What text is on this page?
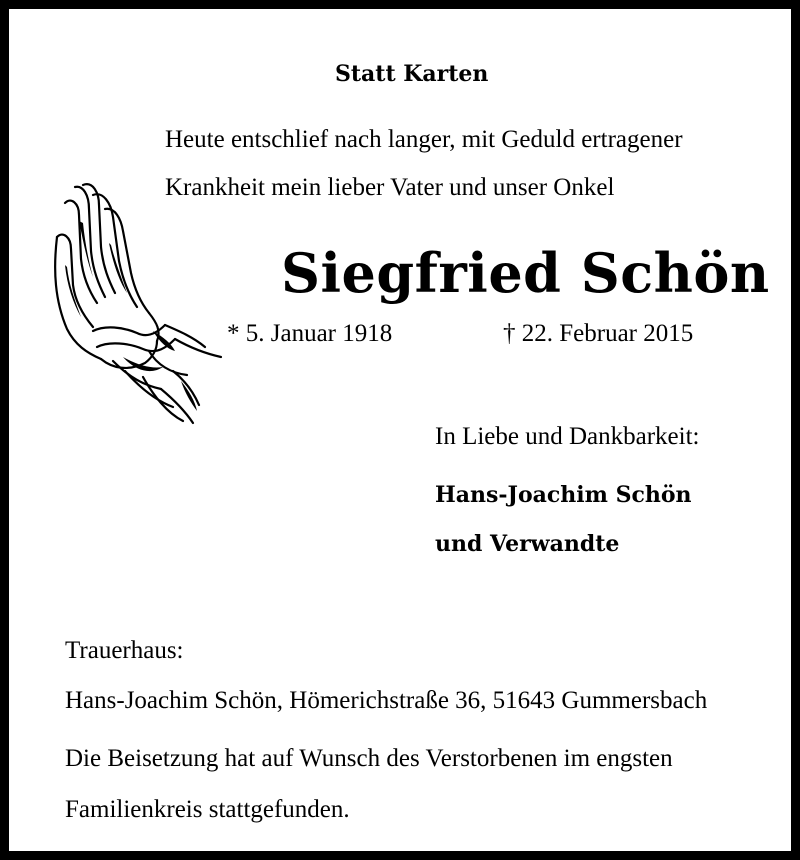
Statt Karten
Heute entschlief nach langer, mit Geduld ertragener
Krankheit mein lieber Vater und unser Onkel
Siegfried Schön
* 5. Januar 1918	† 22. Februar 2015
In Liebe und Dankbarkeit:
Hans-Joachim Schön
und Verwandte
Trauerhaus:
Hans-Joachim Schön, Hömerichstraße 36, 51643 Gummersbach
Die Beisetzung hat auf Wunsch des Verstorbenen im engsten
Familienkreis stattgefunden.
